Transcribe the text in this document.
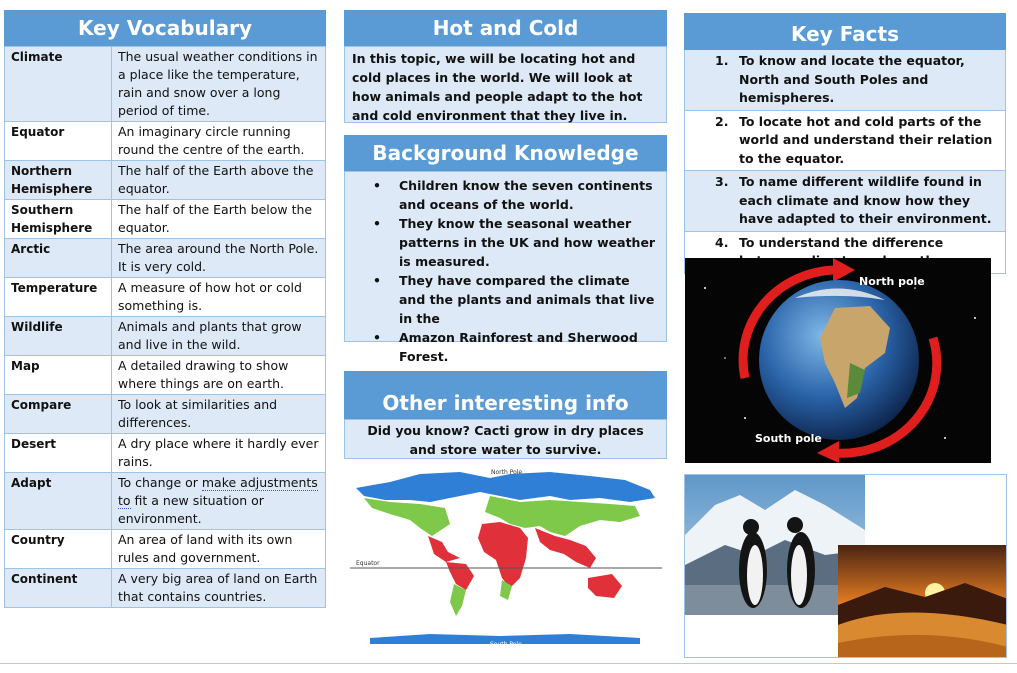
Key Vocabulary
Climate	The usual weather conditions in a place like the temperature, rain and snow over a long period of time.
Equator	An imaginary circle running round the centre of the earth.
Northern Hemisphere	The half of the Earth above the equator.
Southern Hemisphere	The half of the Earth below the equator.
Arctic	The area around the North Pole. It is very cold.
Temperature	A measure of how hot or cold something is.
Wildlife	Animals and plants that grow and live in the wild.
Map	A detailed drawing to show where things are on earth.
Compare	To look at similarities and differences.
Desert	A dry place where it hardly ever rains.
Adapt	To change or make adjustments to fit a new situation or environment.
Country	An area of land with its own rules and government.
Continent	A very big area of land on Earth that contains countries.
Hot and Cold

In this topic, we will be locating hot and cold places in the world. We will look at how animals and people adapt to the hot and cold environment that they live in.

Background Knowledge
• Children know the seven continents and oceans of the world.
• They know the seasonal weather patterns in the UK and how weather is measured.
• They have compared the climate and the plants and animals that live in the
• Amazon Rainforest and Sherwood Forest.
Other interesting info

Did you know? Cacti grow in dry places and store water to survive.

North Pole
Equator
South Pole
Key Facts
1. To know and locate the equator, North and South Poles and hemispheres.
2. To locate hot and cold parts of the world and understand their relation to the equator.
3. To name different wildlife found in each climate and know how they have adapted to their environment.
4. To understand the difference
North pole
South pole
